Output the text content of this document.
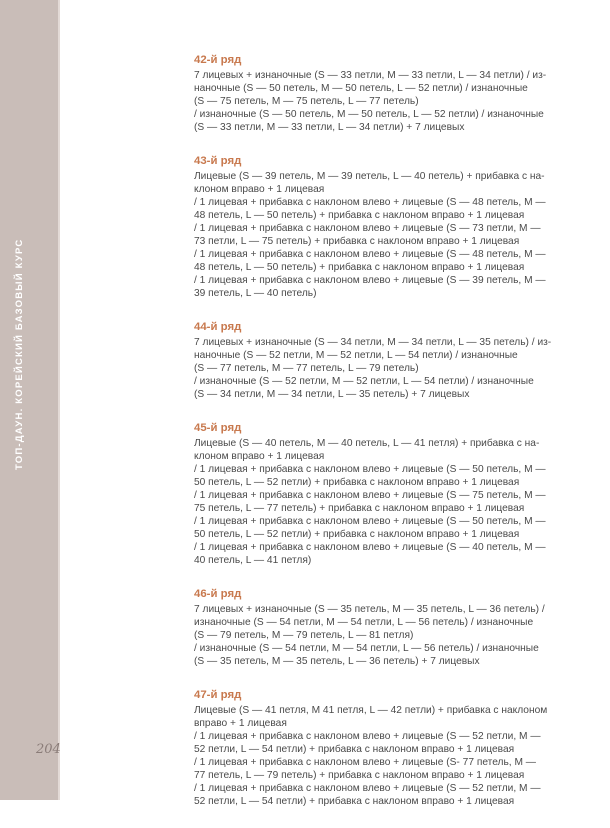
ТОП-ДАУН. КОРЕЙСКИЙ БАЗОВЫЙ КУРС
204
42-й ряд
7 лицевых + изнаночные (S — 33 петли, M — 33 петли, L — 34 петли) / из-
наночные (S — 50 петель, M — 50 петель, L — 52 петли) / изнаночные
(S — 75 петель, M — 75 петель, L — 77 петель)
/ изнаночные (S — 50 петель, M — 50 петель, L — 52 петли) / изнаночные
(S — 33 петли, M — 33 петли, L — 34 петли) + 7 лицевых
43-й ряд
Лицевые (S — 39 петель, M — 39 петель, L — 40 петель) + прибавка с на-
клоном вправо + 1 лицевая
/ 1 лицевая + прибавка с наклоном влево + лицевые (S — 48 петель, M —
48 петель, L — 50 петель) + прибавка с наклоном вправо + 1 лицевая
/ 1 лицевая + прибавка с наклоном влево + лицевые (S — 73 петли, M —
73 петли, L — 75 петель) + прибавка с наклоном вправо + 1 лицевая
/ 1 лицевая + прибавка с наклоном влево + лицевые (S — 48 петель, M —
48 петель, L — 50 петель) + прибавка с наклоном вправо + 1 лицевая
/ 1 лицевая + прибавка с наклоном влево + лицевые (S — 39 петель, M —
39 петель, L — 40 петель)
44-й ряд
7 лицевых + изнаночные (S — 34 петли, M — 34 петли, L — 35 петель) / из-
наночные (S — 52 петли, M — 52 петли, L — 54 петли) / изнаночные
(S — 77 петель, M — 77 петель, L — 79 петель)
/ изнаночные (S — 52 петли, M — 52 петли, L — 54 петли) / изнаночные
(S — 34 петли, M — 34 петли, L — 35 петель) + 7 лицевых
45-й ряд
Лицевые (S — 40 петель, M — 40 петель, L — 41 петля) + прибавка с на-
клоном вправо + 1 лицевая
/ 1 лицевая + прибавка с наклоном влево + лицевые (S — 50 петель, M —
50 петель, L — 52 петли) + прибавка с наклоном вправо + 1 лицевая
/ 1 лицевая + прибавка с наклоном влево + лицевые (S — 75 петель, M —
75 петель, L — 77 петель) + прибавка с наклоном вправо + 1 лицевая
/ 1 лицевая + прибавка с наклоном влево + лицевые (S — 50 петель, M —
50 петель, L — 52 петли) + прибавка с наклоном вправо + 1 лицевая
/ 1 лицевая + прибавка с наклоном влево + лицевые (S — 40 петель, M —
40 петель, L — 41 петля)
46-й ряд
7 лицевых + изнаночные (S — 35 петель, M — 35 петель, L — 36 петель) /
изнаночные (S — 54 петли, M — 54 петли, L — 56 петель) / изнаночные
(S — 79 петель, M — 79 петель, L — 81 петля)
/ изнаночные (S — 54 петли, M — 54 петли, L — 56 петель) / изнаночные
(S — 35 петель, M — 35 петель, L — 36 петель) + 7 лицевых
47-й ряд
Лицевые (S — 41 петля, M 41 петля, L — 42 петли) + прибавка с наклоном
вправо + 1 лицевая
/ 1 лицевая + прибавка с наклоном влево + лицевые (S — 52 петли, M —
52 петли, L — 54 петли) + прибавка с наклоном вправо + 1 лицевая
/ 1 лицевая + прибавка с наклоном влево + лицевые (S- 77 петель, M —
77 петель, L — 79 петель) + прибавка с наклоном вправо + 1 лицевая
/ 1 лицевая + прибавка с наклоном влево + лицевые (S — 52 петли, M —
52 петли, L — 54 петли) + прибавка с наклоном вправо + 1 лицевая
